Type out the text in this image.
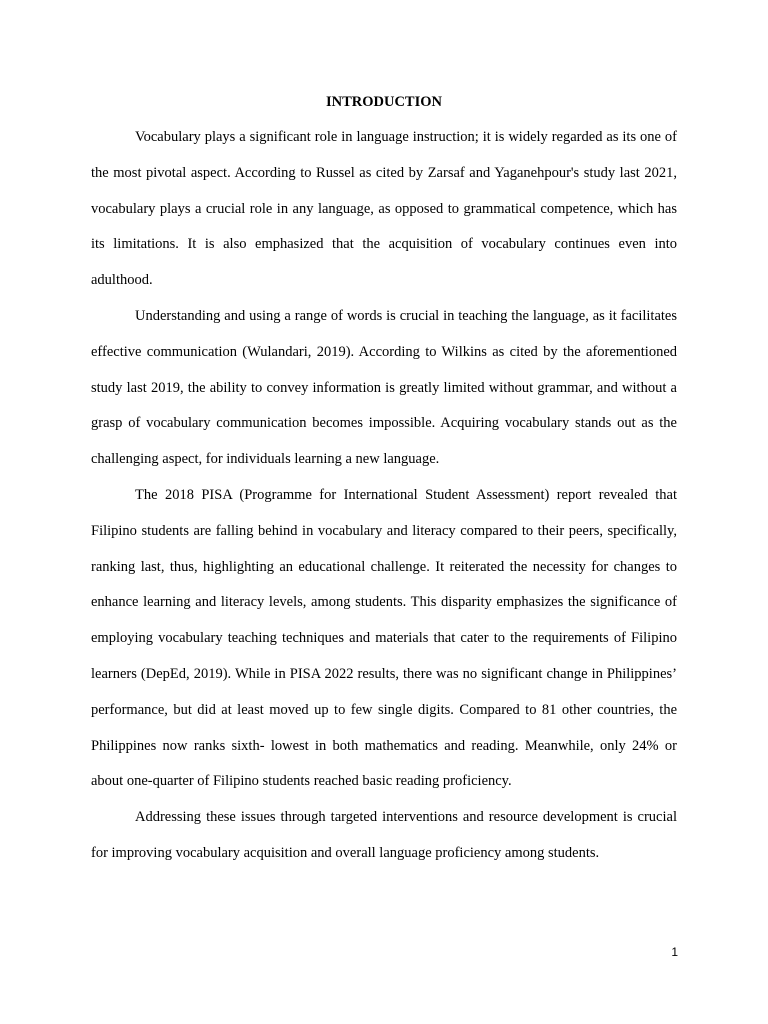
INTRODUCTION

Vocabulary plays a significant role in language instruction; it is widely regarded as its one of the most pivotal aspect. According to Russel as cited by Zarsaf and Yaganehpour's study last 2021, vocabulary plays a crucial role in any language, as opposed to grammatical competence, which has its limitations. It is also emphasized that the acquisition of vocabulary continues even into adulthood.

Understanding and using a range of words is crucial in teaching the language, as it facilitates effective communication (Wulandari, 2019). According to Wilkins as cited by the aforementioned study last 2019, the ability to convey information is greatly limited without grammar, and without a grasp of vocabulary communication becomes impossible. Acquiring vocabulary stands out as the challenging aspect, for individuals learning a new language.

The 2018 PISA (Programme for International Student Assessment) report revealed that Filipino students are falling behind in vocabulary and literacy compared to their peers, specifically, ranking last, thus, highlighting an educational challenge. It reiterated the necessity for changes to enhance learning and literacy levels, among students. This disparity emphasizes the significance of employing vocabulary teaching techniques and materials that cater to the requirements of Filipino learners (DepEd, 2019). While in PISA 2022 results, there was no significant change in Philippines’ performance, but did at least moved up to few single digits. Compared to 81 other countries, the Philippines now ranks sixth- lowest in both mathematics and reading. Meanwhile, only 24% or about one-quarter of Filipino students reached basic reading proficiency.

Addressing these issues through targeted interventions and resource development is crucial for improving vocabulary acquisition and overall language proficiency among students.

1
